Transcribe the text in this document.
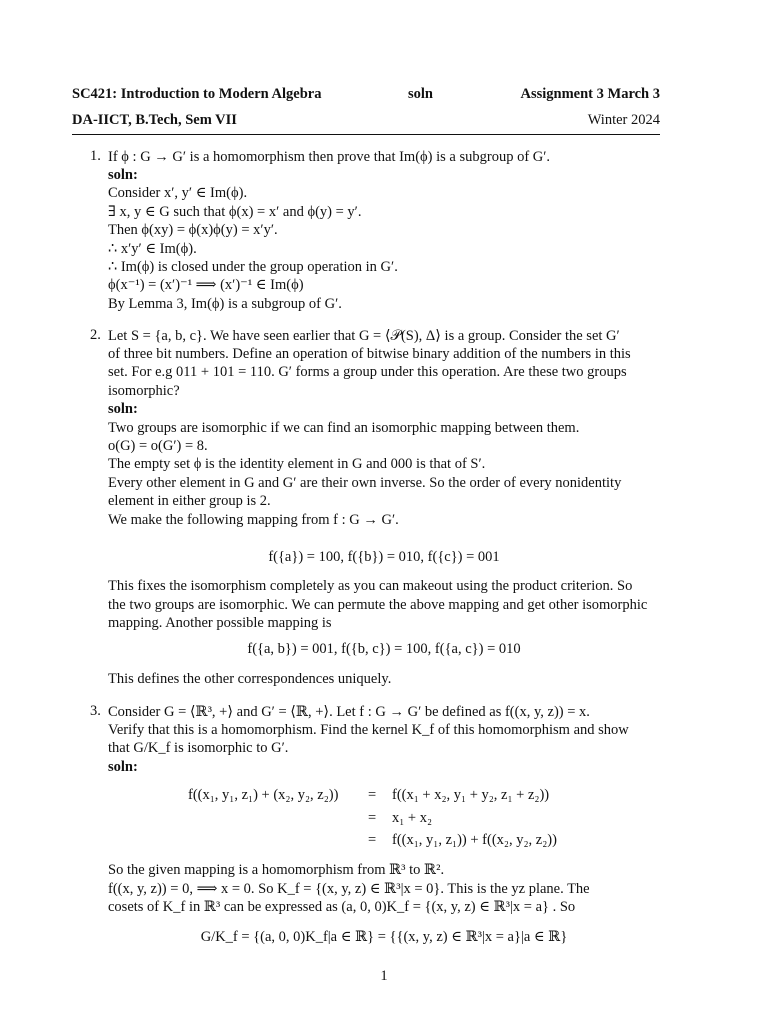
SC421: Introduction to Modern Algebra	soln	Assignment 3 March 3
DA-IICT, B.Tech, Sem VII	Winter 2024
1. If ϕ : G → G′ is a homomorphism then prove that Im(ϕ) is a subgroup of G′.
soln:
Consider x′, y′ ∈ Im(ϕ).
∃ x, y ∈ G such that ϕ(x) = x′ and ϕ(y) = y′.
Then ϕ(xy) = ϕ(x)ϕ(y) = x′y′.
∴ x′y′ ∈ Im(ϕ).
∴ Im(ϕ) is closed under the group operation in G′.
ϕ(x⁻¹) = (x′)⁻¹ ⟹ (x′)⁻¹ ∈ Im(ϕ)
By Lemma 3, Im(ϕ) is a subgroup of G′.
2. Let S = {a, b, c}. We have seen earlier that G = ⟨𝒫(S), Δ⟩ is a group. Consider the set G′
of three bit numbers. Define an operation of bitwise binary addition of the numbers in this
set. For e.g 011 + 101 = 110. G′ forms a group under this operation. Are these two groups
isomorphic?
soln:
Two groups are isomorphic if we can find an isomorphic mapping between them.
o(G) = o(G′) = 8.
The empty set ϕ is the identity element in G and 000 is that of S′.
Every other element in G and G′ are their own inverse. So the order of every nonidentity
element in either group is 2.
We make the following mapping from f : G → G′.
f({a}) = 100, f({b}) = 010, f({c}) = 001
This fixes the isomorphism completely as you can makeout using the product criterion. So
the two groups are isomorphic. We can permute the above mapping and get other isomorphic
mapping. Another possible mapping is
f({a, b}) = 001, f({b, c}) = 100, f({a, c}) = 010
This defines the other correspondences uniquely.
3. Consider G = ⟨ℝ³, +⟩ and G′ = ⟨ℝ, +⟩. Let f : G → G′ be defined as f((x, y, z)) = x.
Verify that this is a homomorphism. Find the kernel K_f of this homomorphism and show
that G/K_f is isomorphic to G′.
soln:
f((x₁, y₁, z₁) + (x₂, y₂, z₂)) = f((x₁ + x₂, y₁ + y₂, z₁ + z₂))
= x₁ + x₂
= f((x₁, y₁, z₁)) + f((x₂, y₂, z₂))
So the given mapping is a homomorphism from ℝ³ to ℝ².
f((x, y, z)) = 0, ⟹ x = 0. So K_f = {(x, y, z) ∈ ℝ³|x = 0}. This is the yz plane. The
cosets of K_f in ℝ³ can be expressed as (a, 0, 0)K_f = {(x, y, z) ∈ ℝ³|x = a} . So
G/K_f = {(a, 0, 0)K_f|a ∈ ℝ} = {{(x, y, z) ∈ ℝ³|x = a}|a ∈ ℝ}
1
